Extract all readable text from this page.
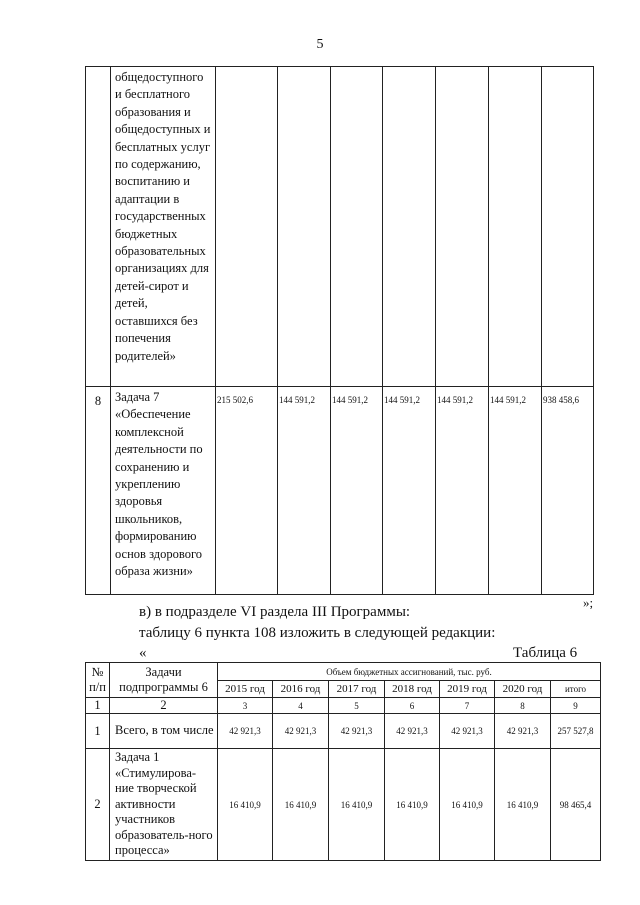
5
	общедоступного и бесплатного образования и общедоступных и бесплатных услуг по содержанию, воспитанию и адаптации в государственных бюджетных образовательных организациях для детей-сирот и детей, оставшихся без попечения родителей»							
8	Задача 7 «Обеспечение комплексной деятельности по сохранению и укреплению здоровья школьников, формированию основ здорового образа жизни»	215 502,6	144 591,2	144 591,2	144 591,2	144 591,2	144 591,2	938 458,6
»;
в) в подразделе VI раздела III Программы:
таблицу 6 пункта 108 изложить в следующей редакции:
«	Таблица 6
№ п/п	Задачи подпрограммы 6	Объем бюджетных ассигнований, тыс. руб.						
		2015 год	2016 год	2017 год	2018 год	2019 год	2020 год	итого
1	2	3	4	5	6	7	8	9
1	Всего, в том числе	42 921,3	42 921,3	42 921,3	42 921,3	42 921,3	42 921,3	257 527,8
2	Задача 1 «Стимулирова-ние творческой активности участников образователь-ного процесса»	16 410,9	16 410,9	16 410,9	16 410,9	16 410,9	16 410,9	98 465,4
